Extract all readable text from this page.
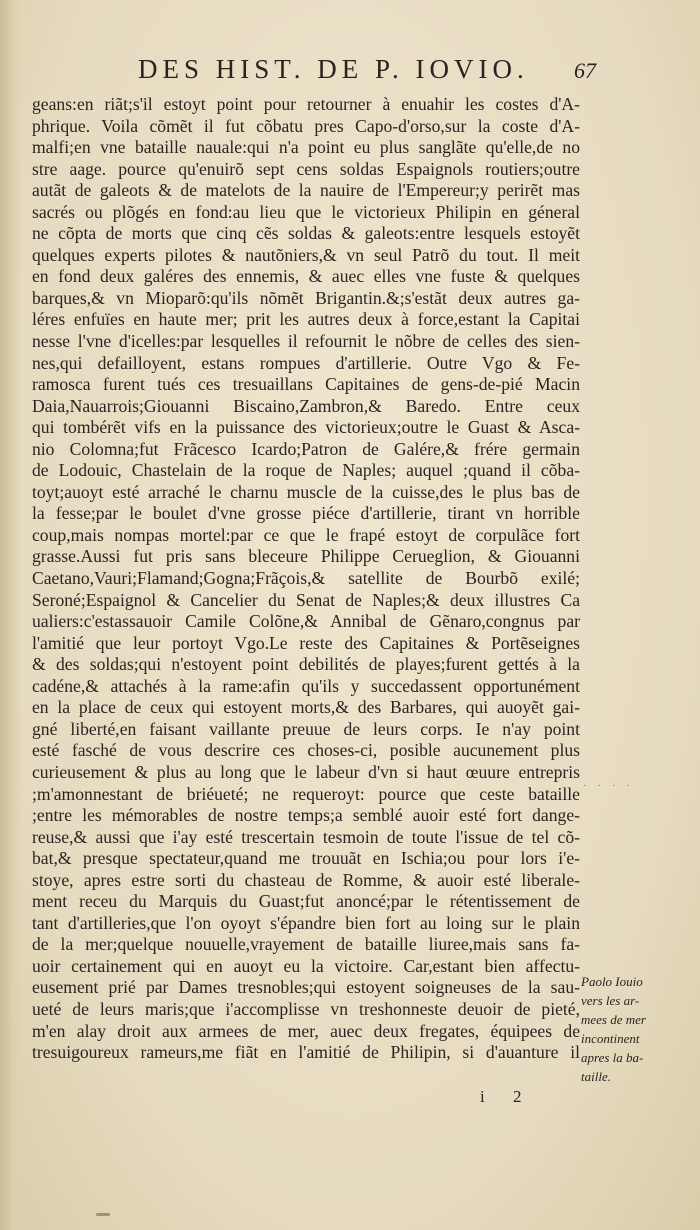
DES HIST. DE P. IOVIO.	67
geans:en riãt;s'il estoyt point pour retourner à enuahir les costes d'A-
phrique. Voila cõmẽt il fut cõbatu pres Capo-d'orso,sur la coste d'A-
malfi;en vne bataille naualе:qui n'a point eu plus sanglãte qu'elle,de no
stre aage. pource qu'enuirõ sept cens soldas Espaignols routiers;outre
autãt de galeots & de matelots de la nauire de l'Empereur;y perirẽt mas
sacrés ou plõgés en fond:au lieu que le victorieux Philipin en géneral
ne cõpta de morts que cinq cẽs soldas & galeots:entre lesquels estoyẽt
quelques experts pilotes & nautõniers,& vn seul Patrõ du tout. Il meit
en fond deux galéres des ennemis, & auec elles vne fuste & quelques
barques,& vn Mioparõ:qu'ils nõmẽt Brigantin.&;s'estãt deux autres ga-
léres enfuïes en haute mer; prit les autres deux à force,estant la Capitai
nesse l'vne d'icelles:par lesquelles il refournit le nõbre de celles des sien-
nes,qui defailloyent, estans rompues d'artillerie. Outre Vgo & Fe-
ramosca furent tués ces tresuaillans Capitaines de gens-de-pié Macin
Daia,Nauarrois;Giouanni Biscaino,Zambron,& Baredo. Entre ceux
qui tombérẽt vifs en la puissance des victorieux;outre le Guast & Asca-
nio Colomna;fut Frãcesco Icardo;Patron de Galére,& frére germain
de Lodouic, Chastelain de la roque de Naples; auquel ;quand il cõba-
toyt;auoyt esté arraché le charnu muscle de la cuisse,des le plus bas de
la fesse;par le boulet d'vne grosse piéce d'artillerie, tirant vn horrible
coup,mais nompas mortel:par ce que le frapé estoyt de corpulãce fort
grasse.Aussi fut pris sans bleceure Philippe Cerueglion, & Giouanni
Caetano,Vauri;Flamand;Gogna;Frãçois,& satellite de Bourbõ exilé;
Seroné;Espaignol & Cancelier du Senat de Naples;& deux illustres Ca
ualiers:c'estassauoir Camile Colõne,& Annibal de Gẽnaro,congnus par
l'amitié que leur portoyt Vgo.Le reste des Capitaines & Portẽseignes
& des soldas;qui n'estoyent point debilités de playes;furent gettés à la
cadéne,& attachés à la rame:afin qu'ils y succedassent opportunément
en la place de ceux qui estoyent morts,& des Barbares, qui auoyẽt gai-
gné liberté,en faisant vaillante preuue de leurs corps. Ie n'ay point
esté fasché de vous descrire ces choses-ci, posiblе aucunement plus
curieusement & plus au long que le labeur d'vn si haut œuure entrepris
;m'amonnestant de briéueté; ne requeroyt: pource que ceste bataille
;entre les mémorables de nostre temps;a semblé auoir esté fort dange-
reuse,& aussi que i'ay esté trescertain tesmoin de toute l'issue de tel cõ-
bat,& presque spectateur,quand me trouuãt en Ischia;ou pour lors i'e-
stoye, apres estre sorti du chasteau de Romme, & auoir esté liberale-
ment receu du Marquis du Guast;fut anoncé;par le rétentissement de
tant d'artilleries,que l'on oyoyt s'épandre bien fort au loing sur le plain
de la mer;quelque nouuelle,vrayement de bataille liuree,mais sans fa-
uoir certainement qui en auoyt eu la victoire. Car,estant bien affectu-
eusement prié par Dames tresnobles;qui estoyent soigneuses de la sau-
ueté de leurs maris;que i'accomplisse vn treshonneste deuoir de pieté,
m'en alay droit aux armees de mer, auec deux fregates, équipees de
tresuigoureux rameurs,me fiãt en l'amitié de Philipin, si d'auanture il
· · · ·
Paolo Iouio
vers les ar-
mees de mer
incontinent
apres la ba-
taille.
i 2
